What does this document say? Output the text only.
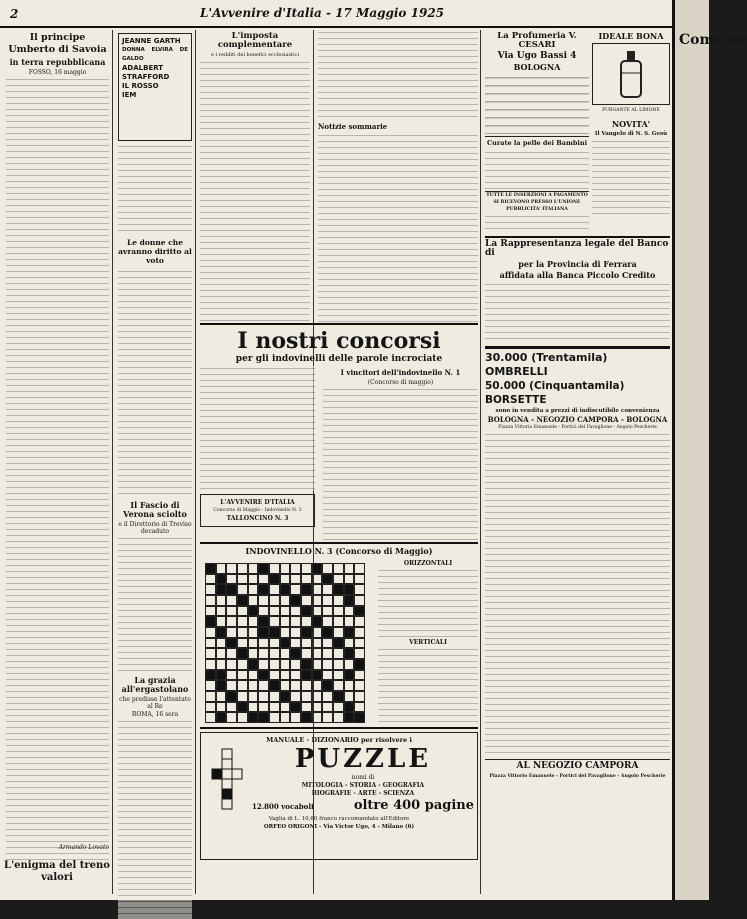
2	L'Avvenire d'Italia - 17 Maggio 1925
Il principe Umberto di Savoia
in terra repubblicana
FOSSO, 16 maggio
Armando Lovato
L'enigma del treno valori
JEANNE GARTH
DONNA ELVIRA DE GALDO
ADALBERT
STRAFFORD
IL ROSSO
IEM
Le donne che avranno diritto al voto
Il Fascio di Verona sciolto
e il Direttorio di Treviso decaduto
La grazia all'ergastolano
che predisse l'attentato al Re
ROMA, 16 sera
L'imposta complementare
e i redditi dei benefici ecclesiastici
Notizie sommarie
I nostri concorsi
per gli indovinelli delle parole incrociate
L'AVVENIRE D'ITALIA
Concorso di Maggio - Indovinello N. 3
TALLONCINO N. 3
I vincitori dell'indovinello N. 1
(Concorso di maggio)
INDOVINELLO N. 3 (Concorso di Maggio)
ORIZZONTALI
VERTICALI
MANUALE - DIZIONARIO per risolvere i
PUZZLE
nomi di
MITOLOGIA - STORIA - GEOGRAFIA
BIOGRAFIE - ARTE - SCIENZA
12.800 vocaboli	oltre 400 pagine
Vaglia di L. 10,60 franco raccomandato all'Editore
ORFEO ORIGONI - Via Victor Ugo, 4 - Milano (6)
La Profumeria V. CESARI
Via Ugo Bassi 4
BOLOGNA
Curate la pelle dei Bambini
TUTTE LE INSERZIONI A PAGAMENTO SI RICEVONO PRESSO L'UNIONE PUBBLICITA' ITALIANA
IDEALE BONA
PURGANTE AL LIMONE
NOVITA'
Il Vangelo di N. S. Gesù
La Rappresentanza legale del Banco di
per la Provincia di Ferrara
affidata alla Banca Piccolo Credito
30.000 (Trentamila) OMBRELLI
50.000 (Cinquantamila) BORSETTE
sono in vendita a prezzi di indiscutibile convenienza
BOLOGNA - NEGOZIO CAMPORA - BOLOGNA
Piazza Vittorio Emanuele - Portici del Pavaglione - Angolo Pescherie
AL NEGOZIO CAMPORA
Piazza Vittorio Emanuele - Portici del Pavaglione - Angolo Pescherie
Come ne
